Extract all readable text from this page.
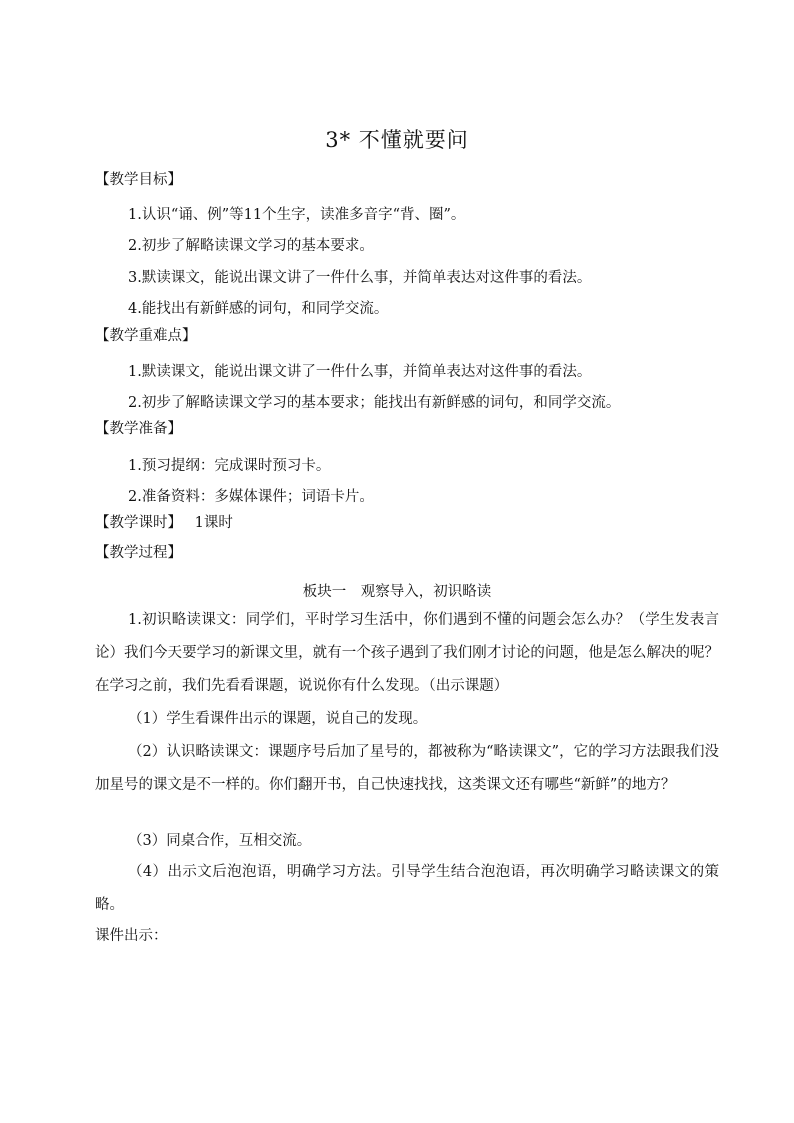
3* 不懂就要问
【教学目标】
1.认识“诵、例”等11个生字，读准多音字“背、圈”。
2.初步了解略读课文学习的基本要求。
3.默读课文，能说出课文讲了一件什么事，并简单表达对这件事的看法。
4.能找出有新鲜感的词句，和同学交流。
【教学重难点】
1.默读课文，能说出课文讲了一件什么事，并简单表达对这件事的看法。
2.初步了解略读课文学习的基本要求；能找出有新鲜感的词句，和同学交流。
【教学准备】
1.预习提纲：完成课时预习卡。
2.准备资料：多媒体课件；词语卡片。
【教学课时】 1课时
【教学过程】
板块一　观察导入，初识略读
1.初识略读课文：同学们，平时学习生活中，你们遇到不懂的问题会怎么办？（学生发表言论）我们今天要学习的新课文里，就有一个孩子遇到了我们刚才讨论的问题，他是怎么解决的呢？在学习之前，我们先看看课题，说说你有什么发现。（出示课题）
（1）学生看课件出示的课题，说自己的发现。
（2）认识略读课文：课题序号后加了星号的，都被称为“略读课文”，它的学习方法跟我们没加星号的课文是不一样的。你们翻开书，自己快速找找，这类课文还有哪些“新鲜”的地方？
（3）同桌合作，互相交流。
（4）出示文后泡泡语，明确学习方法。引导学生结合泡泡语，再次明确学习略读课文的策略。
课件出示：
